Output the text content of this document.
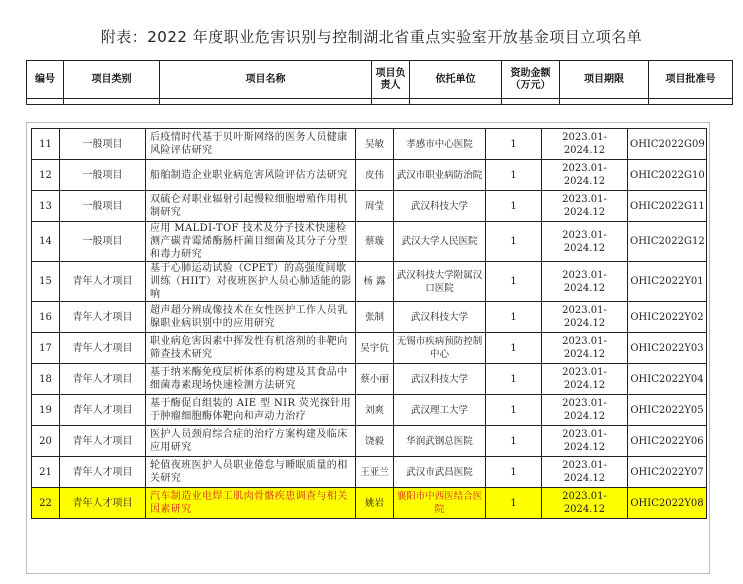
附表：2022 年度职业危害识别与控制湖北省重点实验室开放基金项目立项名单
编号	项目类别	项目名称	项目负责人	依托单位	资助金额（万元）	项目期限	项目批准号

11	一般项目	后疫情时代基于贝叶斯网络的医务人员健康风险评估研究	吴敏	孝感市中心医院	1	2023.01-2024.12	OHIC2022G09
12	一般项目	船舶制造企业职业病危害风险评估方法研究	皮伟	武汉市职业病防治院	1	2023.01-2024.12	OHIC2022G10
13	一般项目	双硫仑对职业辐射引起慢粒细胞增殖作用机制研究	周莹	武汉科技大学	1	2023.01-2024.12	OHIC2022G11
14	一般项目	应用 MALDI-TOF 技术及分子技术快速检测产碳青霉烯酶肠杆菌目细菌及其分子分型和毒力研究	蔡璇	武汉大学人民医院	1	2023.01-2024.12	OHIC2022G12
15	青年人才项目	基于心肺运动试验（CPET）的高强度间歇训练（HIIT）对夜班医护人员心肺适能的影响	杨 露	武汉科技大学附属汉口医院	1	2023.01-2024.12	OHIC2022Y01
16	青年人才项目	超声超分辨成像技术在女性医护工作人员乳腺职业病识别中的应用研究	张制	武汉科技大学	1	2023.01-2024.12	OHIC2022Y02
17	青年人才项目	职业病危害因素中挥发性有机溶剂的非靶向筛查技术研究	吴宇伉	无锡市疾病预防控制中心	1	2023.01-2024.12	OHIC2022Y03
18	青年人才项目	基于纳米酶免疫层析体系的构建及其食品中细菌毒素现场快速检测方法研究	蔡小丽	武汉科技大学	1	2023.01-2024.12	OHIC2022Y04
19	青年人才项目	基于酶促自组装的 AIE 型 NIR 荧光探针用于肿瘤细胞酶体靶向和声动力治疗	刘爽	武汉理工大学	1	2023.01-2024.12	OHIC2022Y05
20	青年人才项目	医护人员颈肩综合症的治疗方案构建及临床应用研究	饶毅	华润武钢总医院	1	2023.01-2024.12	OHIC2022Y06
21	青年人才项目	轮值夜班医护人员职业倦怠与睡眠质量的相关研究	王亚兰	武汉市武昌医院	1	2023.01-2024.12	OHIC2022Y07
22	青年人才项目	汽车制造业电焊工肌肉骨骼疾患调查与相关因素研究	姚岩	襄阳市中西医结合医院	1	2023.01-2024.12	OHIC2022Y08
